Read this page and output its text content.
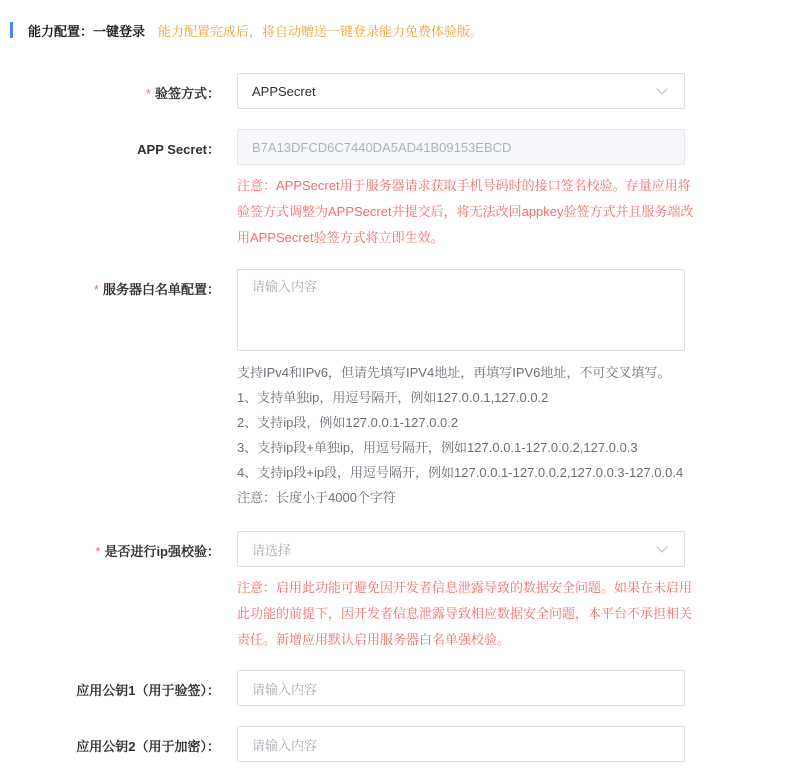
能力配置：一键登录 能力配置完成后，将自动赠送一键登录能力免费体验版。
* 验签方式： APPSecret
APP Secret： B7A13DFCD6C7440DA5AD41B09153EBCD
注意：APPSecret用于服务器请求获取手机号码时的接口签名校验。存量应用将验签方式调整为APPSecret并提交后，将无法改回appkey验签方式并且服务端改用APPSecret验签方式将立即生效。
* 服务器白名单配置：	请输入内容
支持IPv4和IPv6，但请先填写IPV4地址，再填写IPV6地址，不可交叉填写。
1、支持单独ip，用逗号隔开，例如127.0.0.1,127.0.0.2
2、支持ip段，例如127.0.0.1-127.0.0.2
3、支持ip段+单独ip，用逗号隔开，例如127.0.0.1-127.0.0.2,127.0.0.3
4、支持ip段+ip段，用逗号隔开，例如127.0.0.1-127.0.0.2,127.0.0.3-127.0.0.4
注意：长度小于4000个字符
* 是否进行ip强校验： 请选择
注意：启用此功能可避免因开发者信息泄露导致的数据安全问题。如果在未启用此功能的前提下，因开发者信息泄露导致相应数据安全问题，本平台不承担相关责任。新增应用默认启用服务器白名单强校验。
应用公钥1（用于验签）： 请输入内容
应用公钥2（用于加密）： 请输入内容
